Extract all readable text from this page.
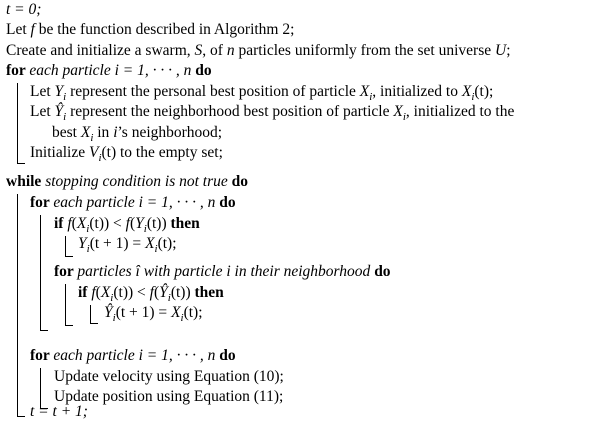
t = 0;
Let f be the function described in Algorithm 2;
Create and initialize a swarm, S, of n particles uniformly from the set universe U;
for each particle i = 1, · · · , n do
Let $Y_i$ represent the personal best position of particle $X_i$, initialized to $X_i(t)$;
Let $Ŷ_i$ represent the neighborhood best position of particle $X_i$, initialized to the
best $X_i$ in i’s neighborhood;
Initialize $V_i(t)$ to the empty set;
while stopping condition is not true do
for each particle i = 1, · · · , n do
if $f(X_i(t)) < f(Y_i(t))$ then
$Y_i(t + 1) = X_i(t)$;
for particles î with particle i in their neighborhood do
if $f(X_i(t))$ < $f(Ŷ_i(t))$ then
$Ŷ_i(t + 1) = X_i(t)$;
for each particle i = 1, · · · , n do
Update velocity using Equation (10);
Update position using Equation (11);
t = t + 1;
